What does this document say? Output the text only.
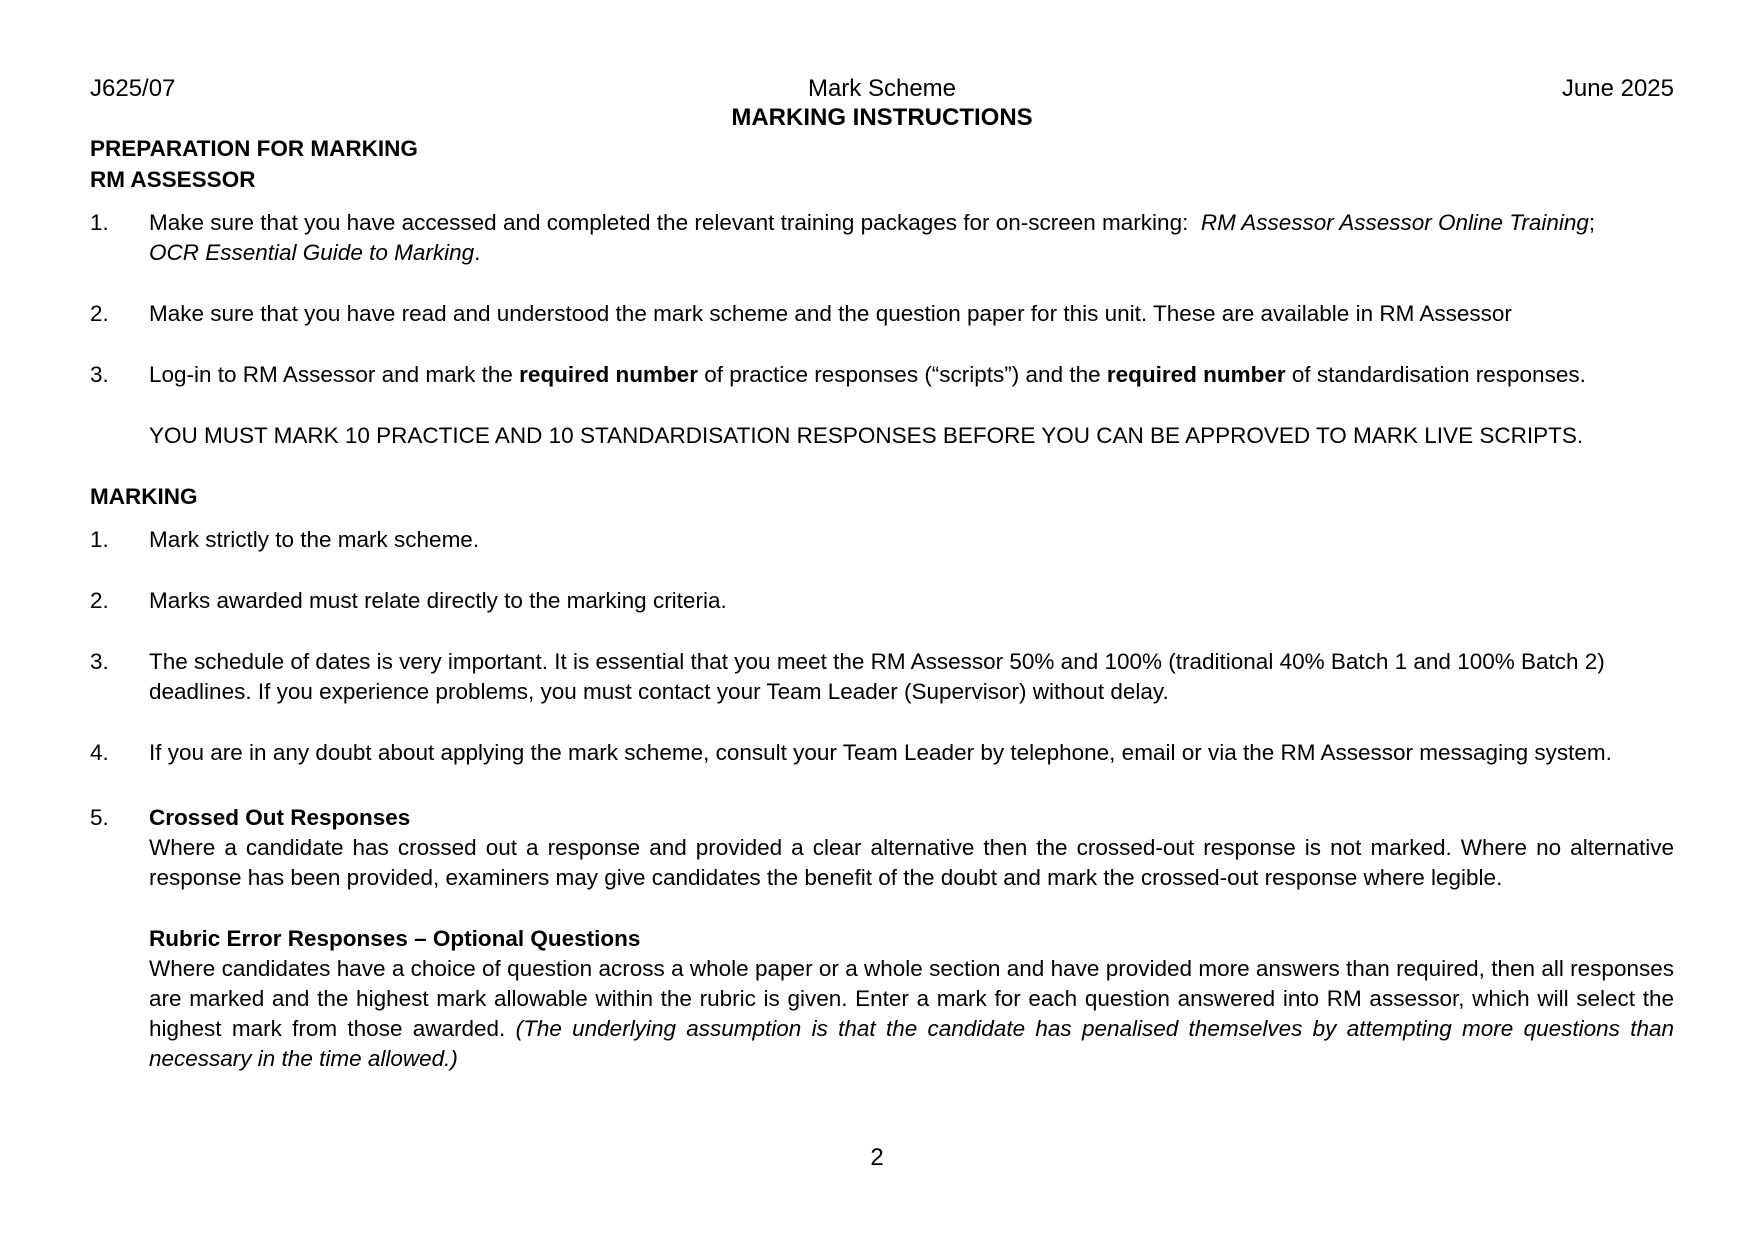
J625/07	Mark Scheme	June 2025
MARKING INSTRUCTIONS
PREPARATION FOR MARKING
RM ASSESSOR
1.	Make sure that you have accessed and completed the relevant training packages for on-screen marking:  RM Assessor Assessor Online Training;
OCR Essential Guide to Marking.
2.	Make sure that you have read and understood the mark scheme and the question paper for this unit. These are available in RM Assessor
3.	Log-in to RM Assessor and mark the required number of practice responses (“scripts”) and the required number of standardisation responses.
YOU MUST MARK 10 PRACTICE AND 10 STANDARDISATION RESPONSES BEFORE YOU CAN BE APPROVED TO MARK LIVE SCRIPTS.
MARKING
1.	Mark strictly to the mark scheme.
2.	Marks awarded must relate directly to the marking criteria.
3.	The schedule of dates is very important. It is essential that you meet the RM Assessor 50% and 100% (traditional 40% Batch 1 and 100% Batch 2)
deadlines. If you experience problems, you must contact your Team Leader (Supervisor) without delay.
4.	If you are in any doubt about applying the mark scheme, consult your Team Leader by telephone, email or via the RM Assessor messaging system.
5.	Crossed Out Responses
Where a candidate has crossed out a response and provided a clear alternative then the crossed-out response is not marked. Where no alternative response has been provided, examiners may give candidates the benefit of the doubt and mark the crossed-out response where legible.
Rubric Error Responses – Optional Questions
Where candidates have a choice of question across a whole paper or a whole section and have provided more answers than required, then all responses are marked and the highest mark allowable within the rubric is given. Enter a mark for each question answered into RM assessor, which will select the highest mark from those awarded. (The underlying assumption is that the candidate has penalised themselves by attempting more questions than necessary in the time allowed.)
2
